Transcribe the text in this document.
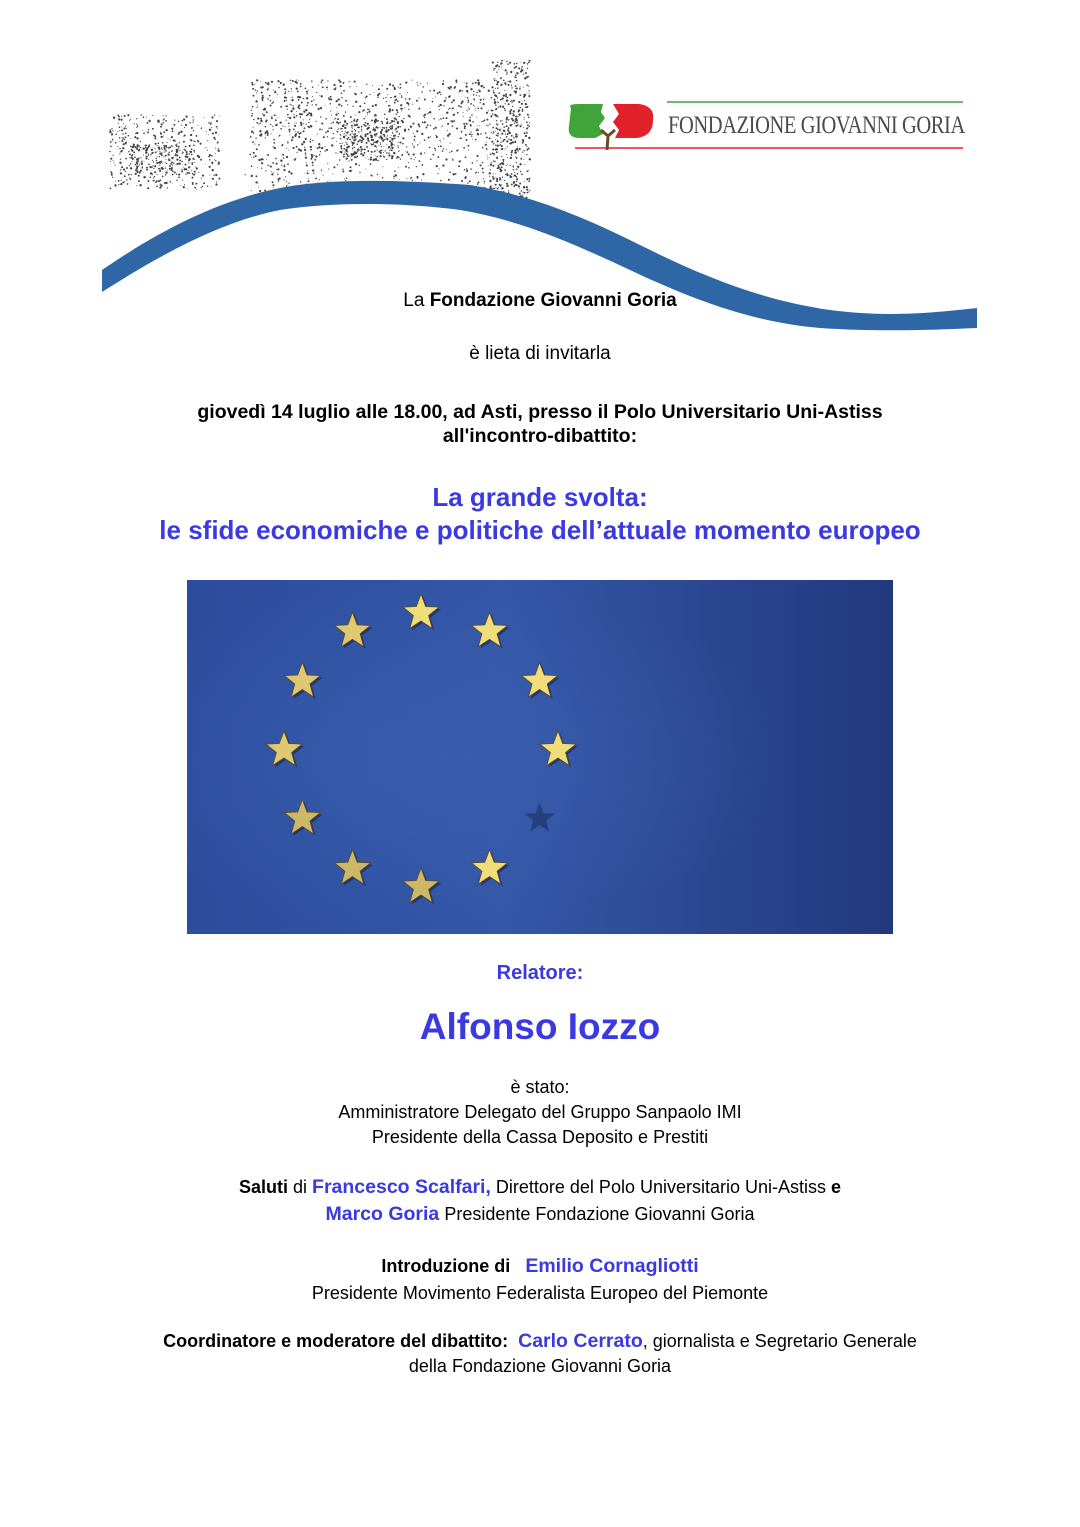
FONDAZIONE GIOVANNI GORIA
La Fondazione Giovanni Goria
è lieta di invitarla
giovedì 14 luglio alle 18.00, ad Asti, presso il Polo Universitario Uni-Astiss
all'incontro-dibattito:
La grande svolta:
le sfide economiche e politiche dell’attuale momento europeo
Relatore:
Alfonso Iozzo
è stato:
Amministratore Delegato del Gruppo Sanpaolo IMI
Presidente della Cassa Deposito e Prestiti
Saluti di Francesco Scalfari, Direttore del Polo Universitario Uni-Astiss e
Marco Goria Presidente Fondazione Giovanni Goria
Introduzione di Emilio Cornagliotti
Presidente Movimento Federalista Europeo del Piemonte
Coordinatore e moderatore del dibattito: Carlo Cerrato, giornalista e Segretario Generale
della Fondazione Giovanni Goria
